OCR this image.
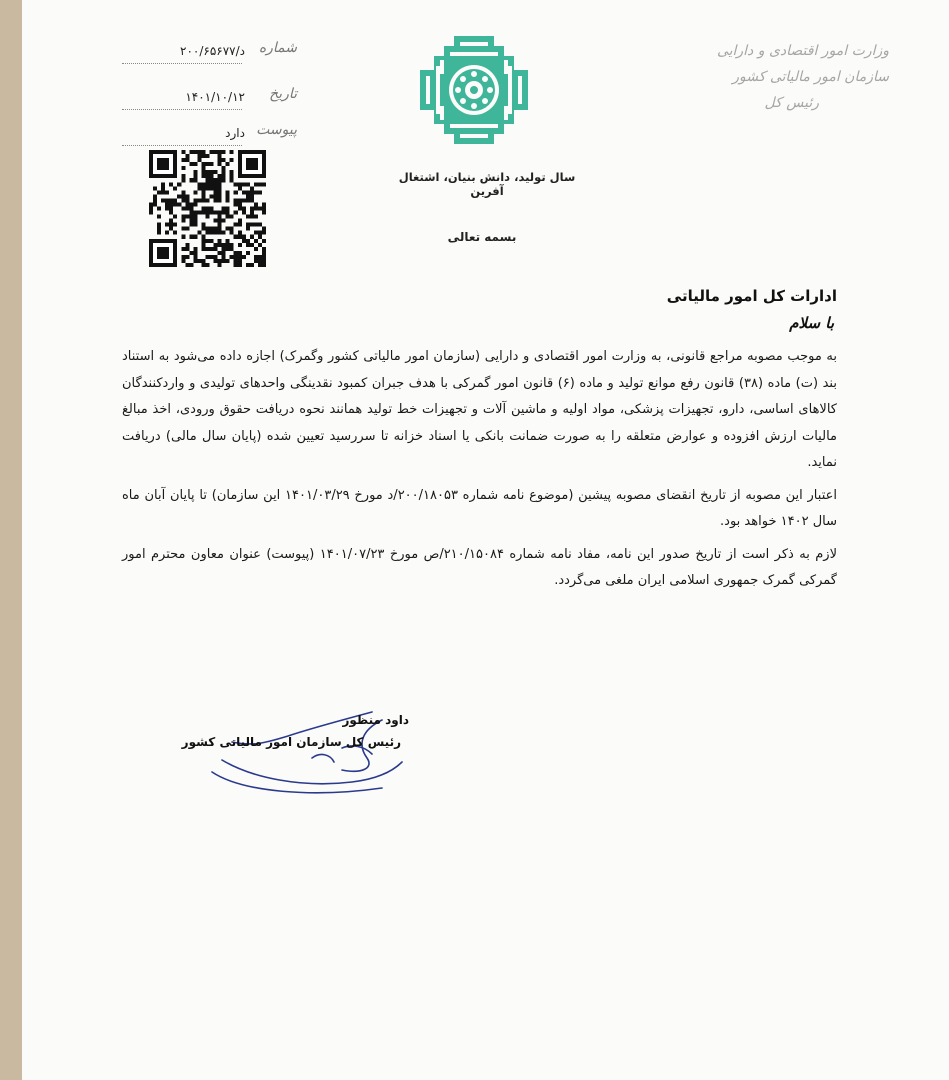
وزارت امور اقتصادی و دارایی
سازمان امور مالیاتی کشور
رئیس کل
سال تولید، دانش بنیان، اشتغال آفرین
بسمه تعالی
شماره
د/۲۰۰/۶۵۶۷۷
تاریخ
۱۴۰۱/۱۰/۱۲
پیوست
دارد
ادارات کل امور مالیاتی
با سلام

به موجب مصوبه مراجع قانونی، به وزارت امور اقتصادی و دارایی (سازمان امور مالیاتی کشور وگمرک) اجازه داده می‌شود به استناد بند (ت) ماده (۳۸) قانون رفع موانع تولید و ماده (۶) قانون امور گمرکی با هدف جبران کمبود نقدینگی واحدهای تولیدی و واردکنندگان کالاهای اساسی، دارو، تجهیزات پزشکی، مواد اولیه و ماشین آلات و تجهیزات خط تولید همانند نحوه دریافت حقوق ورودی، اخذ مبالغ مالیات ارزش افزوده و عوارض متعلقه را به صورت ضمانت بانکی یا اسناد خزانه تا سررسید تعیین شده (پایان سال مالی) دریافت نماید.

اعتبار این مصوبه از تاریخ انقضای مصوبه پیشین (موضوع نامه شماره ۲۰۰/۱۸۰۵۳/د مورخ ۱۴۰۱/۰۳/۲۹ این سازمان) تا پایان آبان ماه سال ۱۴۰۲ خواهد بود.

لازم به ذکر است از تاریخ صدور این نامه، مفاد نامه شماره ۲۱۰/۱۵۰۸۴/ص مورخ ۱۴۰۱/۰۷/۲۳ (پیوست) عنوان معاون محترم امور گمرکی گمرک جمهوری اسلامی ایران ملغی می‌گردد.

داود منظور
رئیس کل سازمان امور مالیاتی کشور
